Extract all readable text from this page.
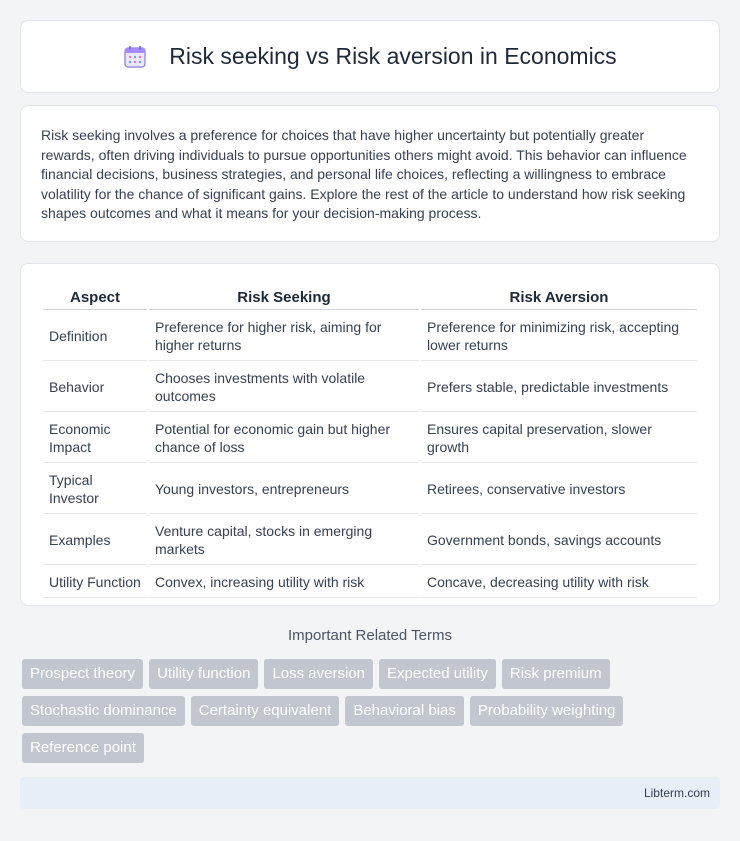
Risk seeking vs Risk aversion in Economics

Risk seeking involves a preference for choices that have higher uncertainty but potentially greater rewards, often driving individuals to pursue opportunities others might avoid. This behavior can influence financial decisions, business strategies, and personal life choices, reflecting a willingness to embrace volatility for the chance of significant gains. Explore the rest of the article to understand how risk seeking shapes outcomes and what it means for your decision-making process.

Aspect	Risk Seeking	Risk Aversion
Definition	Preference for higher risk, aiming for higher returns	Preference for minimizing risk, accepting lower returns
Behavior	Chooses investments with volatile outcomes	Prefers stable, predictable investments
Economic Impact	Potential for economic gain but higher chance of loss	Ensures capital preservation, slower growth
Typical Investor	Young investors, entrepreneurs	Retirees, conservative investors
Examples	Venture capital, stocks in emerging markets	Government bonds, savings accounts
Utility Function	Convex, increasing utility with risk	Concave, decreasing utility with risk
Important Related Terms
Prospect theory	Utility function	Loss aversion	Expected utility	Risk premium
Stochastic dominance	Certainty equivalent	Behavioral bias	Probability weighting
Reference point
Libterm.com
